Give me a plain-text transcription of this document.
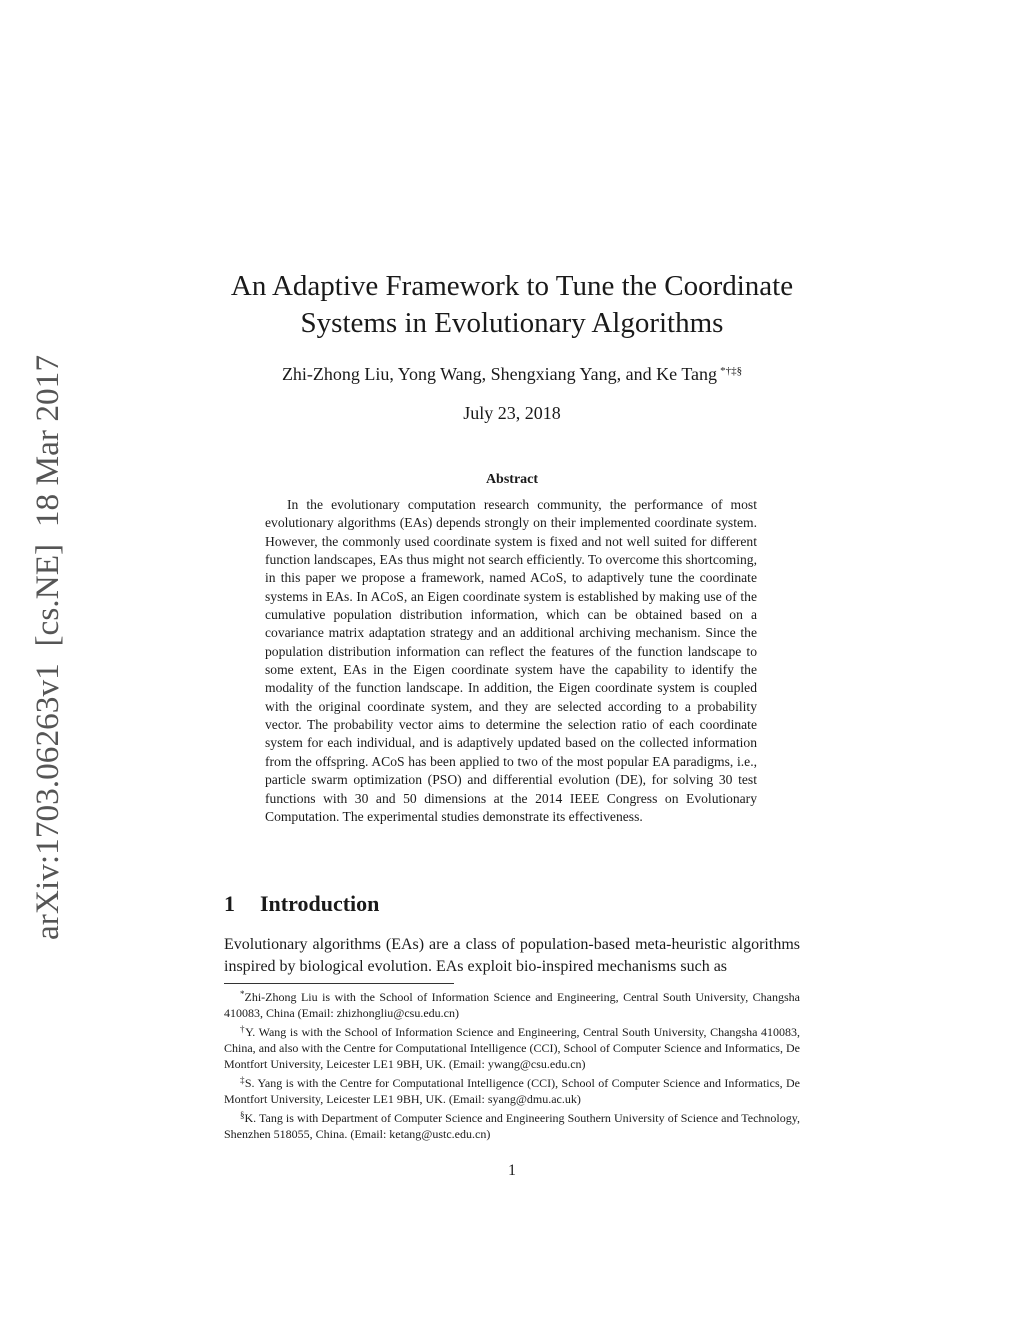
arXiv:1703.06263v1  [cs.NE]  18 Mar 2017
An Adaptive Framework to Tune the Coordinate
Systems in Evolutionary Algorithms
Zhi-Zhong Liu, Yong Wang, Shengxiang Yang, and Ke Tang *†‡§
July 23, 2018
Abstract

In the evolutionary computation research community, the performance of most evolutionary algorithms (EAs) depends strongly on their implemented coordinate system. However, the commonly used coordinate system is fixed and not well suited for different function landscapes, EAs thus might not search efficiently. To overcome this shortcoming, in this paper we propose a framework, named ACoS, to adaptively tune the coordinate systems in EAs. In ACoS, an Eigen coordinate system is established by making use of the cumulative population distribution information, which can be obtained based on a covariance matrix adaptation strategy and an additional archiving mechanism. Since the population distribution information can reflect the features of the function landscape to some extent, EAs in the Eigen coordinate system have the capability to identify the modality of the function landscape. In addition, the Eigen coordinate system is coupled with the original coordinate system, and they are selected according to a probability vector. The probability vector aims to determine the selection ratio of each coordinate system for each individual, and is adaptively updated based on the collected information from the offspring. ACoS has been applied to two of the most popular EA paradigms, i.e., particle swarm optimization (PSO) and differential evolution (DE), for solving 30 test functions with 30 and 50 dimensions at the 2014 IEEE Congress on Evolutionary Computation. The experimental studies demonstrate its effectiveness.

1 Introduction

Evolutionary algorithms (EAs) are a class of population-based meta-heuristic algorithms inspired by biological evolution. EAs exploit bio-inspired mechanisms such as

*Zhi-Zhong Liu is with the School of Information Science and Engineering, Central South University, Changsha 410083, China (Email: zhizhongliu@csu.edu.cn)

†Y. Wang is with the School of Information Science and Engineering, Central South University, Changsha 410083, China, and also with the Centre for Computational Intelligence (CCI), School of Computer Science and Informatics, De Montfort University, Leicester LE1 9BH, UK. (Email: ywang@csu.edu.cn)

‡S. Yang is with the Centre for Computational Intelligence (CCI), School of Computer Science and Informatics, De Montfort University, Leicester LE1 9BH, UK. (Email: syang@dmu.ac.uk)

§K. Tang is with Department of Computer Science and Engineering Southern University of Science and Technology, Shenzhen 518055, China. (Email: ketang@ustc.edu.cn)

1
